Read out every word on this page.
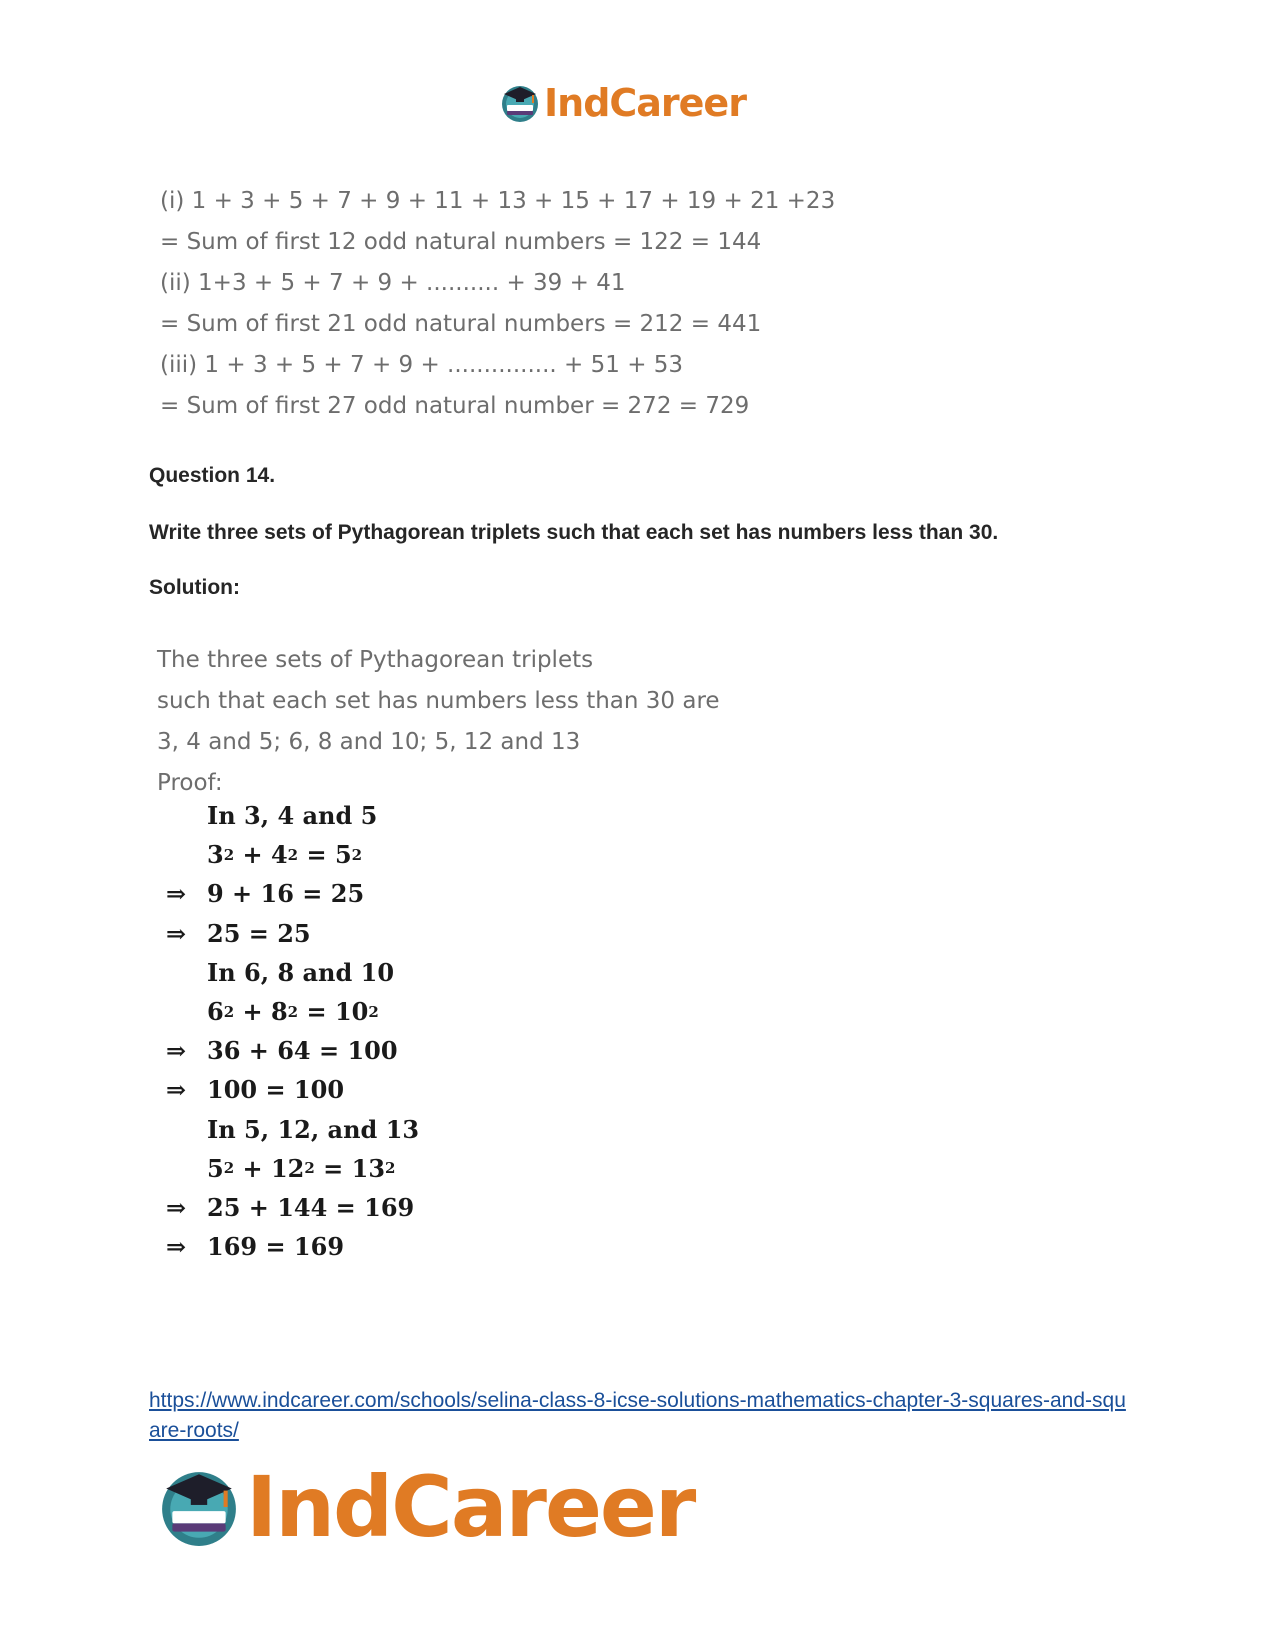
IndCareer
(i) 1 + 3 + 5 + 7 + 9 + 11 + 13 + 15 + 17 + 19 + 21 +23
= Sum of first 12 odd natural numbers = 122 = 144
(ii) 1+3 + 5 + 7 + 9 + .......... + 39 + 41
= Sum of first 21 odd natural numbers = 212 = 441
(iii) 1 + 3 + 5 + 7 + 9 + ............... + 51 + 53
= Sum of first 27 odd natural number = 272 = 729
Question 14.
Write three sets of Pythagorean triplets such that each set has numbers less than 30.
Solution:
The three sets of Pythagorean triplets
such that each set has numbers less than 30 are
3, 4 and 5; 6, 8 and 10; 5, 12 and 13
Proof:
In 3, 4 and 5
3 2
+
4 2
=
5 2
⇒ 9 + 16 = 25
⇒ 25 = 25
In 6, 8 and 10
6 2
+
8 2
=
10 2
⇒ 36 + 64 = 100
⇒ 100 = 100
In 5, 12, and 13
5 2
+
12 2
=
13 2
⇒ 25 + 144 = 169
⇒ 169 = 169
https://www.indcareer.com/schools/selina-class-8-icse-solutions-mathematics-chapter-3-squares-and-square-roots/
IndCareer
